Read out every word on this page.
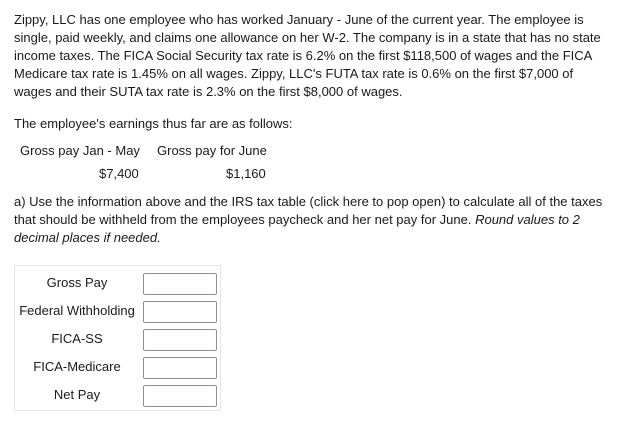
Zippy, LLC has one employee who has worked January - June of the current year. The employee is single, paid weekly, and claims one allowance on her W-2. The company is in a state that has no state income taxes. The FICA Social Security tax rate is 6.2% on the first $118,500 of wages and the FICA Medicare tax rate is 1.45% on all wages. Zippy, LLC's FUTA tax rate is 0.6% on the first $7,000 of wages and their SUTA tax rate is 2.3% on the first $8,000 of wages.

The employee's earnings thus far are as follows:

Gross pay Jan - May Gross pay for June
$7,400	$1,160

a) Use the information above and the IRS tax table (click here to pop open) to calculate all of the taxes that should be withheld from the employees paycheck and her net pay for June. Round values to 2 decimal places if needed.

Gross Pay
Federal Withholding
FICA-SS
FICA-Medicare
Net Pay
